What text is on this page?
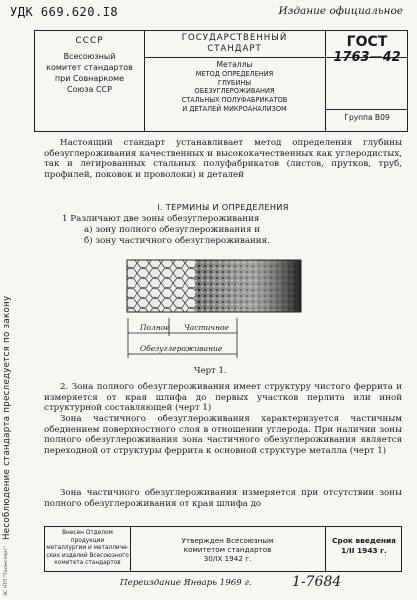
УДК 669.620.I8	Издание официальное
СССР
Всесоюзный
комитет стандартов
при Совнаркоме
Союза ССР
ГОСУДАРСТВЕННЫЙ
СТАНДАРТ
Металлы
МЕТОД ОПРЕДЕЛЕНИЯ
ГЛУБИНЫ
ОБЕЗУГЛЕРОЖИВАНИЯ
СТАЛЬНЫХ ПОЛУФАБРИКАТОВ
И ДЕТАЛЕЙ МИКРОАНАЛИЗОМ
ГОСТ
1763—42
Группа В09
Несоблюдение стандарта преследуется по закону
ЭС НТП "Техэксперт"
Настоящий стандарт устанавливает метод определения глубины обезуглероживания качественных и высококачественных как углеродистых, так и легированных стальных полуфабрикатов (листов, прутков, труб, профилей, поковок и проволоки) и деталей
I. ТЕРМИНЫ И ОПРЕДЕЛЕНИЯ
1 Различают две зоны обезуглероживания
а) зону полного обезуглероживания и
б) зону частичного обезуглероживания.
Полное Частичное
Обезуглероживание
Черт 1.
2. Зона полного обезуглероживания имеет структуру чистого феррита и измеряется от края шлифа до первых участков перлита или иной структурной составляющей (черт 1)
Зона частичного обезуглероживания характеризуется частичным обеднением поверхностного слоя в отношении углерода. При наличии зоны полного обезуглероживания зона частичного обезуглероживания является переходной от структуры феррита к основной структуре металла (черт 1)
Зона частичного обезуглероживания измеряется при отсутствии зоны полного обезуглероживания от края шлифа до
Внесен Отделом продукции
металлургии и металличе-
ских изделий Всесоюзного
комитета стандартов
Утвержден Всесоюзным
комитетом стандартов
30/IX 1942 г.
Срок введения
1/II 1943 г.
Переиздание Январь 1969 г.	1-7684
